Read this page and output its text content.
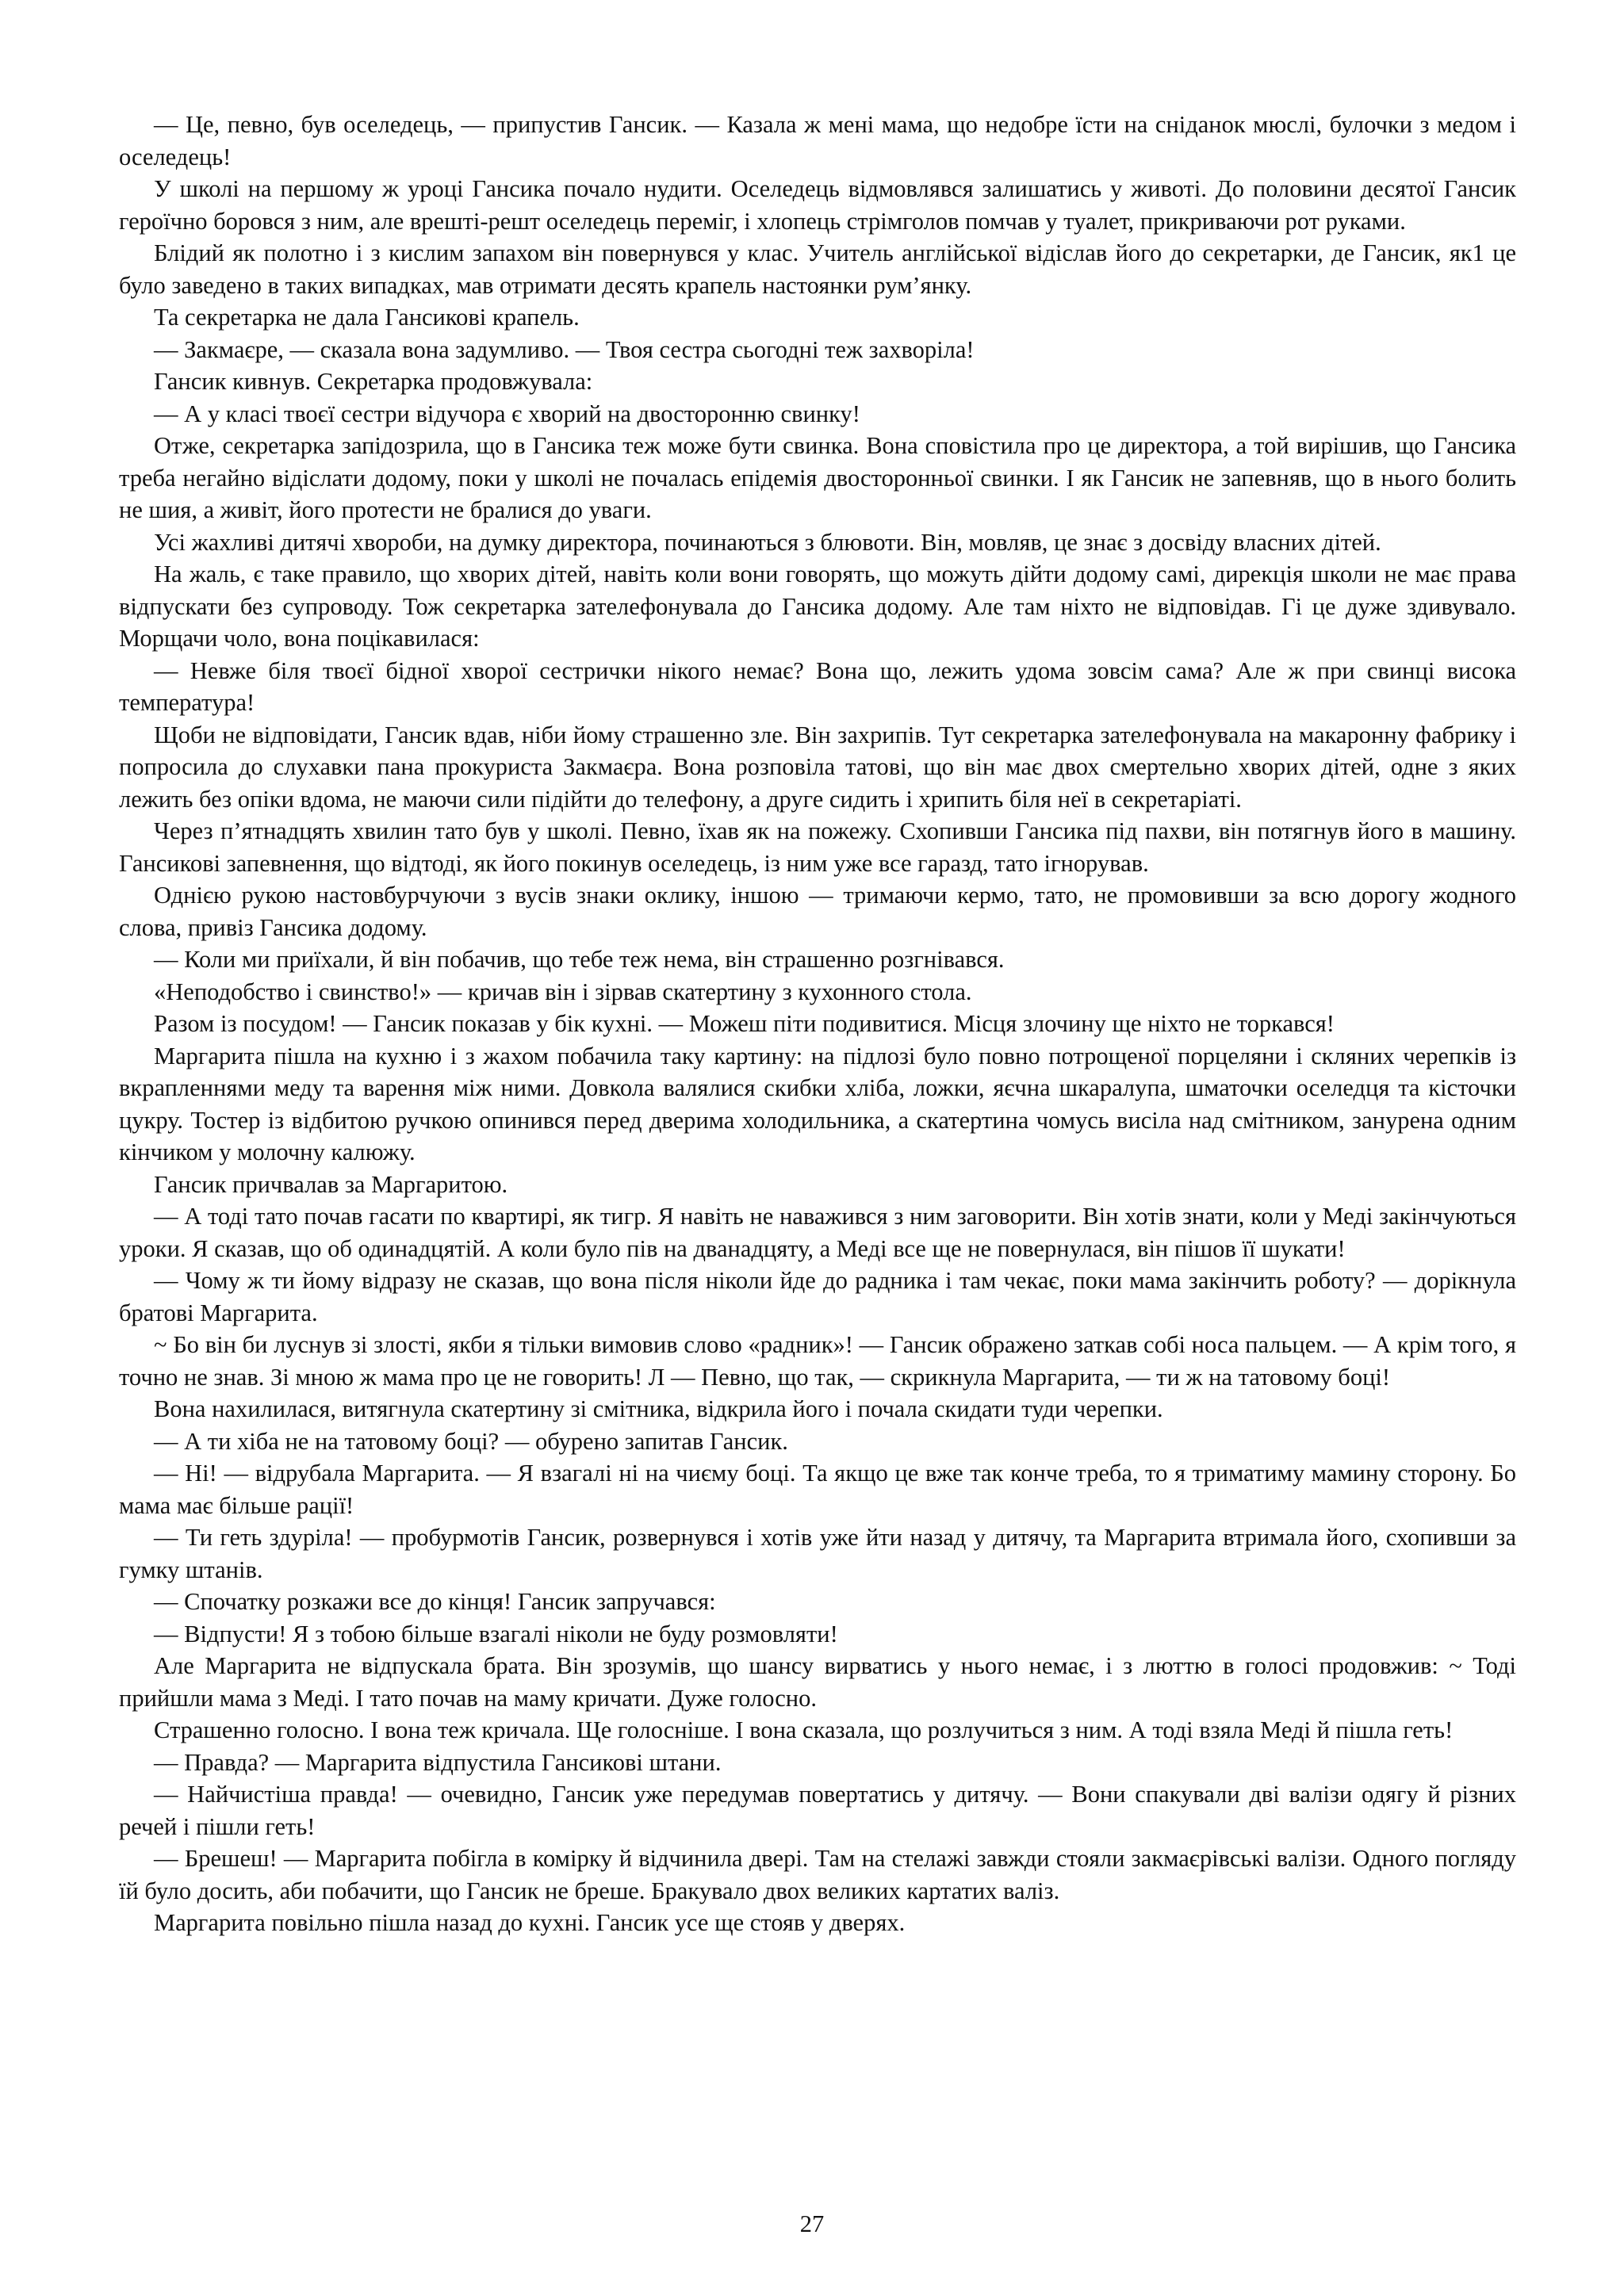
— Це, певно, був оселедець, — припустив Гансик. — Казала ж мені мама, що недобре їсти на сніданок мюслі, булочки з медом і оселедець!

У школі на першому ж уроці Гансика почало нудити. Оселедець відмовлявся залишатись у животі. До половини десятої Гансик героїчно боровся з ним, але врешті-решт оселедець переміг, і хлопець стрімголов помчав у туалет, прикриваючи рот руками.

Блідий як полотно і з кислим запахом він повернувся у клас. Учитель англійської відіслав його до секретарки, де Гансик, як1 це було заведено в таких випадках, мав отримати десять крапель настоянки рум’янку.

Та секретарка не дала Гансикові крапель.

— Закмаєре, — сказала вона задумливо. — Твоя сестра сьогодні теж захворіла!

Гансик кивнув. Секретарка продовжувала:

— А у класі твоєї сестри відучора є хворий на двосторонню свинку!

Отже, секретарка запідозрила, що в Гансика теж може бути свинка. Вона сповістила про це директора, а той вирішив, що Гансика треба негайно відіслати додому, поки у школі не почалась епідемія двосторонньої свинки. І як Гансик не запевняв, що в нього болить не шия, а живіт, його протести не бралися до уваги.

Усі жахливі дитячі хвороби, на думку директора, починаються з блювоти. Він, мовляв, це знає з досвіду власних дітей.

На жаль, є таке правило, що хворих дітей, навіть коли вони говорять, що можуть дійти додому самі, дирекція школи не має права відпускати без супроводу. Тож секретарка зателефонувала до Гансика додому. Але там ніхто не відповідав. Гі це дуже здивувало. Морщачи чоло, вона поцікавилася:

— Невже біля твоєї бідної хворої сестрички нікого немає? Вона що, лежить удома зовсім сама? Але ж при свинці висока температура!

Щоби не відповідати, Гансик вдав, ніби йому страшенно зле. Він захрипів. Тут секретарка зателефонувала на макаронну фабрику і попросила до слухавки пана прокуриста Закмаєра. Вона розповіла татові, що він має двох смертельно хворих дітей, одне з яких лежить без опіки вдома, не маючи сили підійти до телефону, а друге сидить і хрипить біля неї в секретаріаті.

Через п’ятнадцять хвилин тато був у школі. Певно, їхав як на пожежу. Схопивши Гансика під пахви, він потягнув його в машину. Гансикові запевнення, що відтоді, як його покинув оселедець, із ним уже все гаразд, тато ігнорував.

Однією рукою настовбурчуючи з вусів знаки оклику, іншою — тримаючи кермо, тато, не промовивши за всю дорогу жодного слова, привіз Гансика додому.

— Коли ми приїхали, й він побачив, що тебе теж нема, він страшенно розгнівався.

«Неподобство і свинство!» — кричав він і зірвав скатертину з кухонного стола.

Разом із посудом! — Гансик показав у бік кухні. — Можеш піти подивитися. Місця злочину ще ніхто не торкався!

Маргарита пішла на кухню і з жахом побачила таку картину: на підлозі було повно потрощеної порцеляни і скляних черепків із вкрапленнями меду та варення між ними. Довкола валялися скибки хліба, ложки, яєчна шкаралупа, шматочки оселедця та кісточки цукру. Тостер із відбитою ручкою опинився перед дверима холодильника, а скатертина чомусь висіла над смітником, занурена одним кінчиком у молочну калюжу.

Гансик причвалав за Маргаритою.

— А тоді тато почав гасати по квартирі, як тигр. Я навіть не наважився з ним заговорити. Він хотів знати, коли у Меді закінчуються уроки. Я сказав, що об одинадцятій. А коли було пів на дванадцяту, а Меді все ще не повернулася, він пішов її шукати!

— Чому ж ти йому відразу не сказав, що вона після ніколи йде до радника і там чекає, поки мама закінчить роботу? — дорікнула братові Маргарита.

~ Бо він би луснув зі злості, якби я тільки вимовив слово «радник»! — Гансик ображено заткав собі носа пальцем. — А крім того, я точно не знав. Зі мною ж мама про це не говорить! Л — Певно, що так, — скрикнула Маргарита, — ти ж на татовому боці!

Вона нахилилася, витягнула скатертину зі смітника, відкрила його і почала скидати туди черепки.

— А ти хіба не на татовому боці? — обурено запитав Гансик.

— Ні! — відрубала Маргарита. — Я взагалі ні на чиєму боці. Та якщо це вже так конче треба, то я триматиму мамину сторону. Бо мама має більше рації!

— Ти геть здуріла! — пробурмотів Гансик, розвернувся і хотів уже йти назад у дитячу, та Маргарита втримала його, схопивши за гумку штанів.

— Спочатку розкажи все до кінця! Гансик запручався:

— Відпусти! Я з тобою більше взагалі ніколи не буду розмовляти!

Але Маргарита не відпускала брата. Він зрозумів, що шансу вирватись у нього немає, і з люттю в голосі продовжив: ~ Тоді прийшли мама з Меді. І тато почав на маму кричати. Дуже голосно.

Страшенно голосно. І вона теж кричала. Ще голосніше. І вона сказала, що розлучиться з ним. А тоді взяла Меді й пішла геть!

— Правда? — Маргарита відпустила Гансикові штани.

— Найчистіша правда! — очевидно, Гансик уже передумав повертатись у дитячу. — Вони спакували дві валізи одягу й різних речей і пішли геть!

— Брешеш! — Маргарита побігла в комірку й відчинила двері. Там на стелажі завжди стояли закмаєрівські валізи. Одного погляду їй було досить, аби побачити, що Гансик не бреше. Бракувало двох великих картатих валіз.

Маргарита повільно пішла назад до кухні. Гансик усе ще стояв у дверях.

27
